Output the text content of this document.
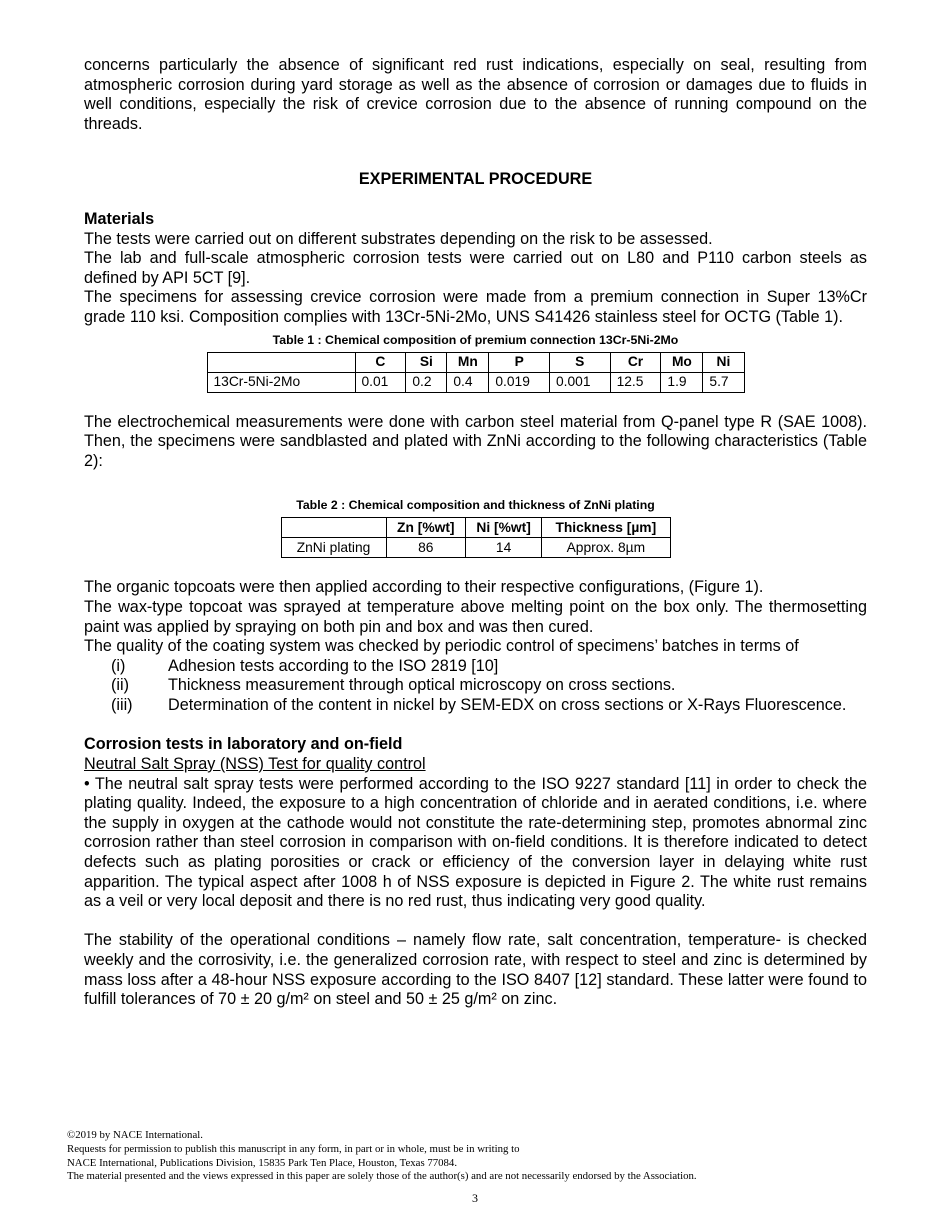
concerns particularly the absence of significant red rust indications, especially on seal, resulting from atmospheric corrosion during yard storage as well as the absence of corrosion or damages due to fluids in well conditions, especially the risk of crevice corrosion due to the absence of running compound on the threads.

EXPERIMENTAL PROCEDURE
Materials

The tests were carried out on different substrates depending on the risk to be assessed.

The lab and full-scale atmospheric corrosion tests were carried out on L80 and P110 carbon steels as defined by API 5CT [9].

The specimens for assessing crevice corrosion were made from a premium connection in Super 13%Cr grade 110 ksi. Composition complies with 13Cr-5Ni-2Mo, UNS S41426 stainless steel for OCTG (Table 1).

Table 1 : Chemical composition of premium connection 13Cr-5Ni-2Mo
	C	Si	Mn	P	S	Cr	Mo	Ni
13Cr-5Ni-2Mo	0.01	0.2	0.4	0.019	0.001	12.5	1.9	5.7

The electrochemical measurements were done with carbon steel material from Q-panel type R (SAE 1008). Then, the specimens were sandblasted and plated with ZnNi according to the following characteristics (Table 2):

Table 2 : Chemical composition and thickness of ZnNi plating
	Zn [%wt]	Ni [%wt]	Thickness [µm]
ZnNi plating	86	14	Approx. 8µm

The organic topcoats were then applied according to their respective configurations, (Figure 1).

The wax-type topcoat was sprayed at temperature above melting point on the box only. The thermosetting paint was applied by spraying on both pin and box and was then cured.

The quality of the coating system was checked by periodic control of specimens’ batches in terms of

(i)	Adhesion tests according to the ISO 2819 [10]
(ii)	Thickness measurement through optical microscopy on cross sections.
(iii)	Determination of the content in nickel by SEM-EDX on cross sections or X-Rays Fluorescence.
Corrosion tests in laboratory and on-field
Neutral Salt Spray (NSS) Test for quality control

• The neutral salt spray tests were performed according to the ISO 9227 standard [11] in order to check the plating quality. Indeed, the exposure to a high concentration of chloride and in aerated conditions, i.e. where the supply in oxygen at the cathode would not constitute the rate-determining step, promotes abnormal zinc corrosion rather than steel corrosion in comparison with on-field conditions. It is therefore indicated to detect defects such as plating porosities or crack or efficiency of the conversion layer in delaying white rust apparition. The typical aspect after 1008 h of NSS exposure is depicted in Figure 2. The white rust remains as a veil or very local deposit and there is no red rust, thus indicating very good quality.

The stability of the operational conditions – namely flow rate, salt concentration, temperature- is checked weekly and the corrosivity, i.e. the generalized corrosion rate, with respect to steel and zinc is determined by mass loss after a 48-hour NSS exposure according to the ISO 8407 [12] standard. These latter were found to fulfill tolerances of 70 ± 20 g/m² on steel and 50 ± 25 g/m² on zinc.

©2019 by NACE International.
Requests for permission to publish this manuscript in any form, in part or in whole, must be in writing to
NACE International, Publications Division, 15835 Park Ten Place, Houston, Texas 77084.
The material presented and the views expressed in this paper are solely those of the author(s) and are not necessarily endorsed by the Association.
3
